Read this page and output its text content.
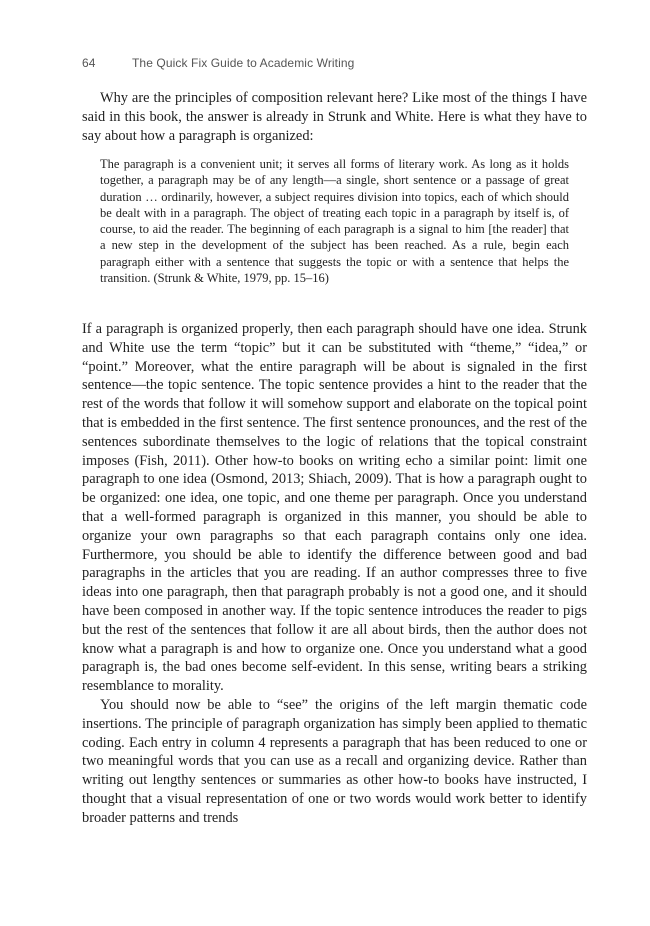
64	The Quick Fix Guide to Academic Writing

Why are the principles of composition relevant here? Like most of the things I have said in this book, the answer is already in Strunk and White. Here is what they have to say about how a paragraph is organized:

The paragraph is a convenient unit; it serves all forms of literary work. As long as it holds together, a paragraph may be of any length—a single, short sentence or a passage of great duration … ordinarily, however, a subject requires division into topics, each of which should be dealt with in a paragraph. The object of treating each topic in a paragraph by itself is, of course, to aid the reader. The beginning of each paragraph is a signal to him [the reader] that a new step in the development of the subject has been reached. As a rule, begin each paragraph either with a sentence that suggests the topic or with a sentence that helps the transition. (Strunk & White, 1979, pp. 15–16)

If a paragraph is organized properly, then each paragraph should have one idea. Strunk and White use the term “topic” but it can be substituted with “theme,” “idea,” or “point.” Moreover, what the entire paragraph will be about is signaled in the first sentence—the topic sentence. The topic sentence provides a hint to the reader that the rest of the words that follow it will somehow support and elaborate on the topical point that is embedded in the first sentence. The first sentence pronounces, and the rest of the sentences subordinate themselves to the logic of relations that the topical constraint imposes (Fish, 2011). Other how-to books on writing echo a similar point: limit one paragraph to one idea (Osmond, 2013; Shiach, 2009). That is how a paragraph ought to be organized: one idea, one topic, and one theme per paragraph. Once you understand that a well-formed paragraph is organized in this manner, you should be able to organize your own paragraphs so that each paragraph contains only one idea. Furthermore, you should be able to identify the difference between good and bad paragraphs in the articles that you are reading. If an author compresses three to five ideas into one paragraph, then that paragraph probably is not a good one, and it should have been composed in another way. If the topic sentence introduces the reader to pigs but the rest of the sentences that follow it are all about birds, then the author does not know what a paragraph is and how to organize one. Once you understand what a good paragraph is, the bad ones become self-evident. In this sense, writing bears a striking resemblance to morality.

You should now be able to “see” the origins of the left margin thematic code insertions. The principle of paragraph organization has simply been applied to thematic coding. Each entry in column 4 represents a paragraph that has been reduced to one or two meaningful words that you can use as a recall and organizing device. Rather than writing out lengthy sentences or summaries as other how-to books have instructed, I thought that a visual representation of one or two words would work better to identify broader patterns and trends
